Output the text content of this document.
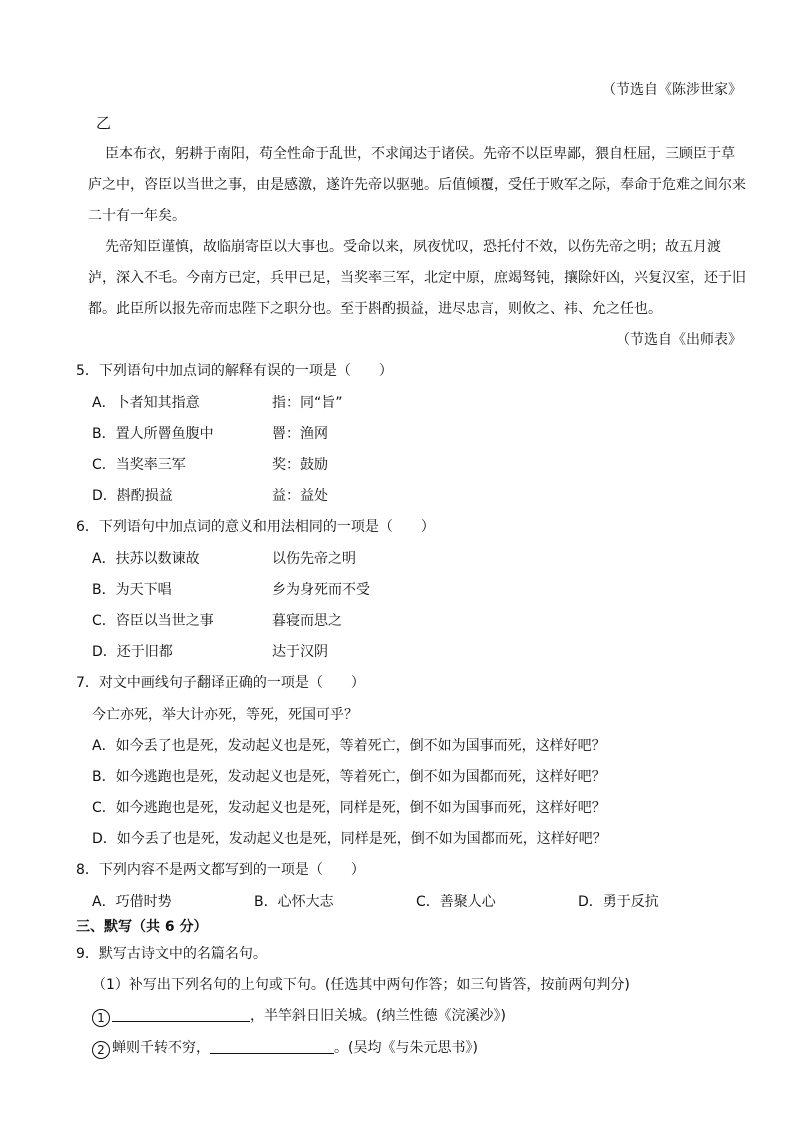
（节选自《陈涉世家》
乙
臣本布衣，躬耕于南阳，苟全性命于乱世，不求闻达于诸侯。先帝不以臣卑鄙，猥自枉屈，三顾臣于草庐之中，咨臣以当世之事，由是感激，遂许先帝以驱驰。后值倾覆，受任于败军之际，奉命于危难之间尔来二十有一年矣。
先帝知臣谨慎，故临崩寄臣以大事也。受命以来，夙夜忧叹，恐托付不效，以伤先帝之明；故五月渡泸，深入不毛。今南方已定，兵甲已足，当奖率三军，北定中原，庶竭驽钝，攘除奸凶，兴复汉室，还于旧都。此臣所以报先帝而忠陛下之职分也。至于斟酌损益，进尽忠言，则攸之、祎、允之任也。
（节选自《出师表》
5．下列语句中加点词的解释有误的一项是（　　）
A．卜者知其指意	指：同“旨”
B．置人所罾鱼腹中	罾：渔网
C．当奖率三军	奖：鼓励
D．斟酌损益	益：益处
6．下列语句中加点词的意义和用法相同的一项是（　　）
A．扶苏以数谏故	以伤先帝之明
B．为天下唱	乡为身死而不受
C．咨臣以当世之事	暮寝而思之
D．还于旧都	达于汉阴
7．对文中画线句子翻译正确的一项是（　　）
今亡亦死，举大计亦死，等死，死国可乎？
A．如今丢了也是死，发动起义也是死，等着死亡，倒不如为国事而死，这样好吧？
B．如今逃跑也是死，发动起义也是死，等着死亡，倒不如为国都而死，这样好吧？
C．如今逃跑也是死，发动起义也是死，同样是死，倒不如为国事而死，这样好吧？
D．如今丢了也是死，发动起义也是死，同样是死，倒不如为国都而死，这样好吧？
8．下列内容不是两文都写到的一项是（　　）
A．巧借时势	B．心怀大志	C．善聚人心	D．勇于反抗
三、默写（共 6 分）
9．默写古诗文中的名篇名句。
（1）补写出下列名句的上句或下句。(任选其中两句作答；如三句皆答，按前两句判分)
1	，半竿斜日旧关城。(纳兰性德《浣溪沙》)
2 蝉则千转不穷，	。(吴均《与朱元思书》)
